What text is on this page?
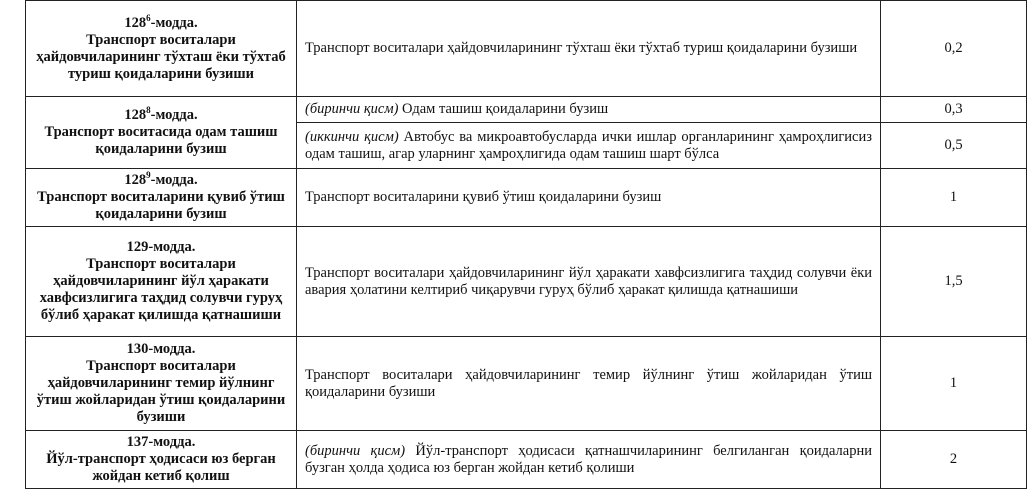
$128^6$-модда.
Транспорт воситалари ҳайдовчиларининг тўхташ ёки тўхтаб туриш қоидаларини бузиши	Транспорт воситалари ҳайдовчиларининг тўхташ ёки тўхтаб туриш қоидаларини бузиши	0,2

$128^8$-модда.
Транспорт воситасида одам ташиш қоидаларини бузиш	(биринчи қисм) Одам ташиш қоидаларини бузиш	0,3
	(иккинчи қисм) Автобус ва микроавтобусларда ички ишлар органларининг ҳамроҳлигисиз одам ташиш, агар уларнинг ҳамроҳлигида одам ташиш шарт бўлса	0,5

$128^9$-модда.
Транспорт воситаларини қувиб ўтиш қоидаларини бузиш	Транспорт воситаларини қувиб ўтиш қоидаларини бузиш	1

129-модда.
Транспорт воситалари ҳайдовчиларининг йўл ҳаракати хавфсизлигига таҳдид солувчи гуруҳ бўлиб ҳаракат қилишда қатнашиши	Транспорт воситалари ҳайдовчиларининг йўл ҳаракати хавфсизлигига таҳдид солувчи ёки авария ҳолатини келтириб чиқарувчи гуруҳ бўлиб ҳаракат қилишда қатнашиши	1,5

130-модда.
Транспорт воситалари ҳайдовчиларининг темир йўлнинг ўтиш жойларидан ўтиш қоидаларини бузиши	Транспорт воситалари ҳайдовчиларининг темир йўлнинг ўтиш жойларидан ўтиш қоидаларини бузиши	1

137-модда.
Йўл-транспорт ҳодисаси юз берган жойдан кетиб қолиш	(биринчи қисм) Йўл-транспорт ҳодисаси қатнашчиларининг белгиланган қоидаларни бузган ҳолда ҳодиса юз берган жойдан кетиб қолиши	2
